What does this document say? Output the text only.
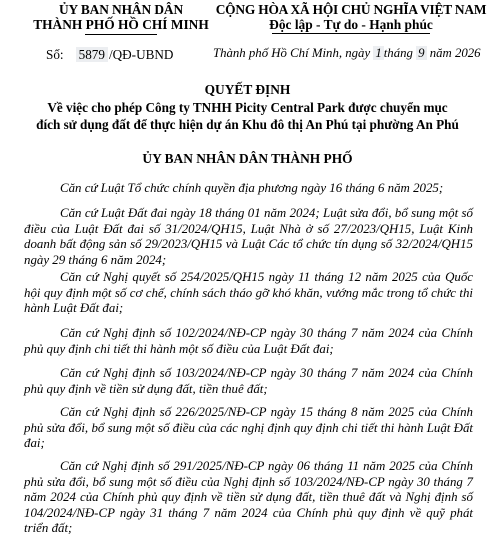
ỦY BAN NHÂN DÂN
THÀNH PHỐ HỒ CHÍ MINH
CỘNG HÒA XÃ HỘI CHỦ NGHĨA VIỆT NAM
Độc lập - Tự do - Hạnh phúc
Số: 5879 /QĐ-UBND	Thành phố Hồ Chí Minh, ngày 1 tháng 9 năm 2026
QUYẾT ĐỊNH
Về việc cho phép Công ty TNHH Picity Central Park được chuyển mục
đích sử dụng đất để thực hiện dự án Khu đô thị An Phú tại phường An Phú
ỦY BAN NHÂN DÂN THÀNH PHỐ

Căn cứ Luật Tổ chức chính quyền địa phương ngày 16 tháng 6 năm 2025;

Căn cứ Luật Đất đai ngày 18 tháng 01 năm 2024; Luật sửa đổi, bổ sung một số điều của Luật Đất đai số 31/2024/QH15, Luật Nhà ở số 27/2023/QH15, Luật Kinh doanh bất động sản số 29/2023/QH15 và Luật Các tổ chức tín dụng số 32/2024/QH15 ngày 29 tháng 6 năm 2024;

Căn cứ Nghị quyết số 254/2025/QH15 ngày 11 tháng 12 năm 2025 của Quốc hội quy định một số cơ chế, chính sách tháo gỡ khó khăn, vướng mắc trong tổ chức thi hành Luật Đất đai;

Căn cứ Nghị định số 102/2024/NĐ-CP ngày 30 tháng 7 năm 2024 của Chính phủ quy định chi tiết thi hành một số điều của Luật Đất đai;

Căn cứ Nghị định số 103/2024/NĐ-CP ngày 30 tháng 7 năm 2024 của Chính phủ quy định về tiền sử dụng đất, tiền thuê đất;

Căn cứ Nghị định số 226/2025/NĐ-CP ngày 15 tháng 8 năm 2025 của Chính phủ sửa đổi, bổ sung một số điều của các nghị định quy định chi tiết thi hành Luật Đất đai;

Căn cứ Nghị định số 291/2025/NĐ-CP ngày 06 tháng 11 năm 2025 của Chính phủ sửa đổi, bổ sung một số điều của Nghị định số 103/2024/NĐ-CP ngày 30 tháng 7 năm 2024 của Chính phủ quy định về tiền sử dụng đất, tiền thuê đất và Nghị định số 104/2024/NĐ-CP ngày 31 tháng 7 năm 2024 của Chính phủ quy định về quỹ phát triển đất;
